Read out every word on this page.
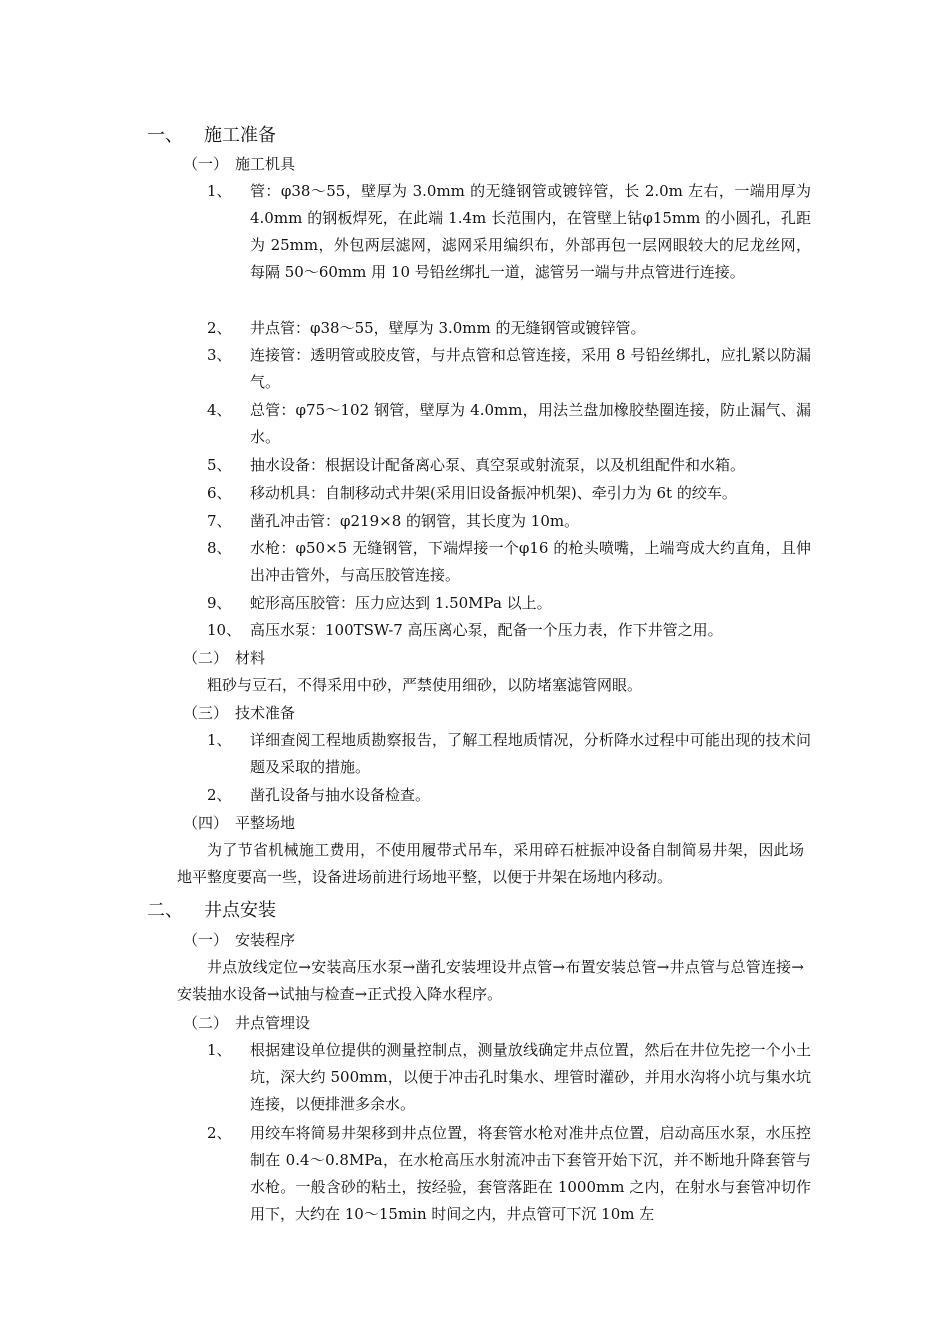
一、 施工准备
（一） 施工机具
1、 管：φ38～55，壁厚为 3.0mm 的无缝钢管或镀锌管，长 2.0m 左右，一端用厚为 4.0mm 的钢板焊死，在此端 1.4m 长范围内，在管壁上钻φ15mm 的小圆孔，孔距为 25mm，外包两层滤网，滤网采用编织布，外部再包一层网眼较大的尼龙丝网，每隔 50～60mm 用 10 号铅丝绑扎一道，滤管另一端与井点管进行连接。
2、 井点管：φ38～55，壁厚为 3.0mm 的无缝钢管或镀锌管。
3、 连接管：透明管或胶皮管，与井点管和总管连接，采用 8 号铅丝绑扎，应扎紧以防漏气。
4、 总管：φ75～102 钢管，壁厚为 4.0mm，用法兰盘加橡胶垫圈连接，防止漏气、漏水。
5、 抽水设备：根据设计配备离心泵、真空泵或射流泵，以及机组配件和水箱。
6、 移动机具：自制移动式井架(采用旧设备振冲机架)、牵引力为 6t 的绞车。
7、 凿孔冲击管：φ219×8 的钢管，其长度为 10m。
8、 水枪：φ50×5 无缝钢管，下端焊接一个φ16 的枪头喷嘴，上端弯成大约直角，且伸出冲击管外，与高压胶管连接。
9、 蛇形高压胶管：压力应达到 1.50MPa 以上。
10、 高压水泵：100TSW-7 高压离心泵，配备一个压力表，作下井管之用。
（二） 材料
粗砂与豆石，不得采用中砂，严禁使用细砂，以防堵塞滤管网眼。
（三） 技术准备
1、 详细查阅工程地质勘察报告，了解工程地质情况，分析降水过程中可能出现的技术问题及采取的措施。
2、 凿孔设备与抽水设备检查。
（四） 平整场地
为了节省机械施工费用，不使用履带式吊车，采用碎石桩振冲设备自制简易井架，因此场地平整度要高一些，设备进场前进行场地平整，以便于井架在场地内移动。
二、 井点安装
（一） 安装程序
井点放线定位→安装高压水泵→凿孔安装埋设井点管→布置安装总管→井点管与总管连接→安装抽水设备→试抽与检查→正式投入降水程序。
（二） 井点管埋设
1、 根据建设单位提供的测量控制点，测量放线确定井点位置，然后在井位先挖一个小土坑，深大约 500mm，以便于冲击孔时集水、埋管时灌砂，并用水沟将小坑与集水坑连接，以便排泄多余水。
2、 用绞车将简易井架移到井点位置，将套管水枪对准井点位置，启动高压水泵，水压控制在 0.4～0.8MPa，在水枪高压水射流冲击下套管开始下沉，并不断地升降套管与水枪。一般含砂的粘土，按经验，套管落距在 1000mm 之内，在射水与套管冲切作用下，大约在 10～15min 时间之内，井点管可下沉 10m 左
